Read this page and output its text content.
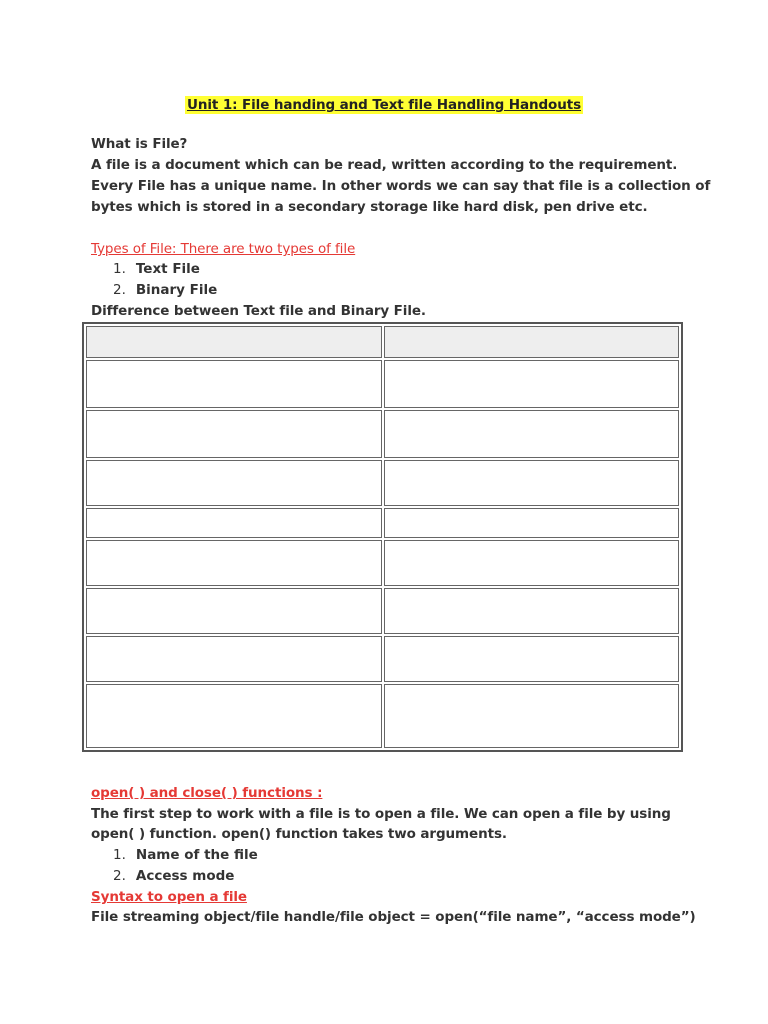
Unit 1: File handing and Text file Handling Handouts
What is File?
A file is a document which can be read, written according to the requirement.
Every File has a unique name. In other words we can say that file is a collection of
bytes which is stored in a secondary storage like hard disk, pen drive etc.
Types of File: There are two types of file
1. Text File
2. Binary File
Difference between Text file and Binary File.

open( ) and close( ) functions :
The first step to work with a file is to open a file. We can open a file by using
open( ) function. open() function takes two arguments.
1. Name of the file
2. Access mode
Syntax to open a file
File streaming object/file handle/file object = open(“file name”, “access mode”)
